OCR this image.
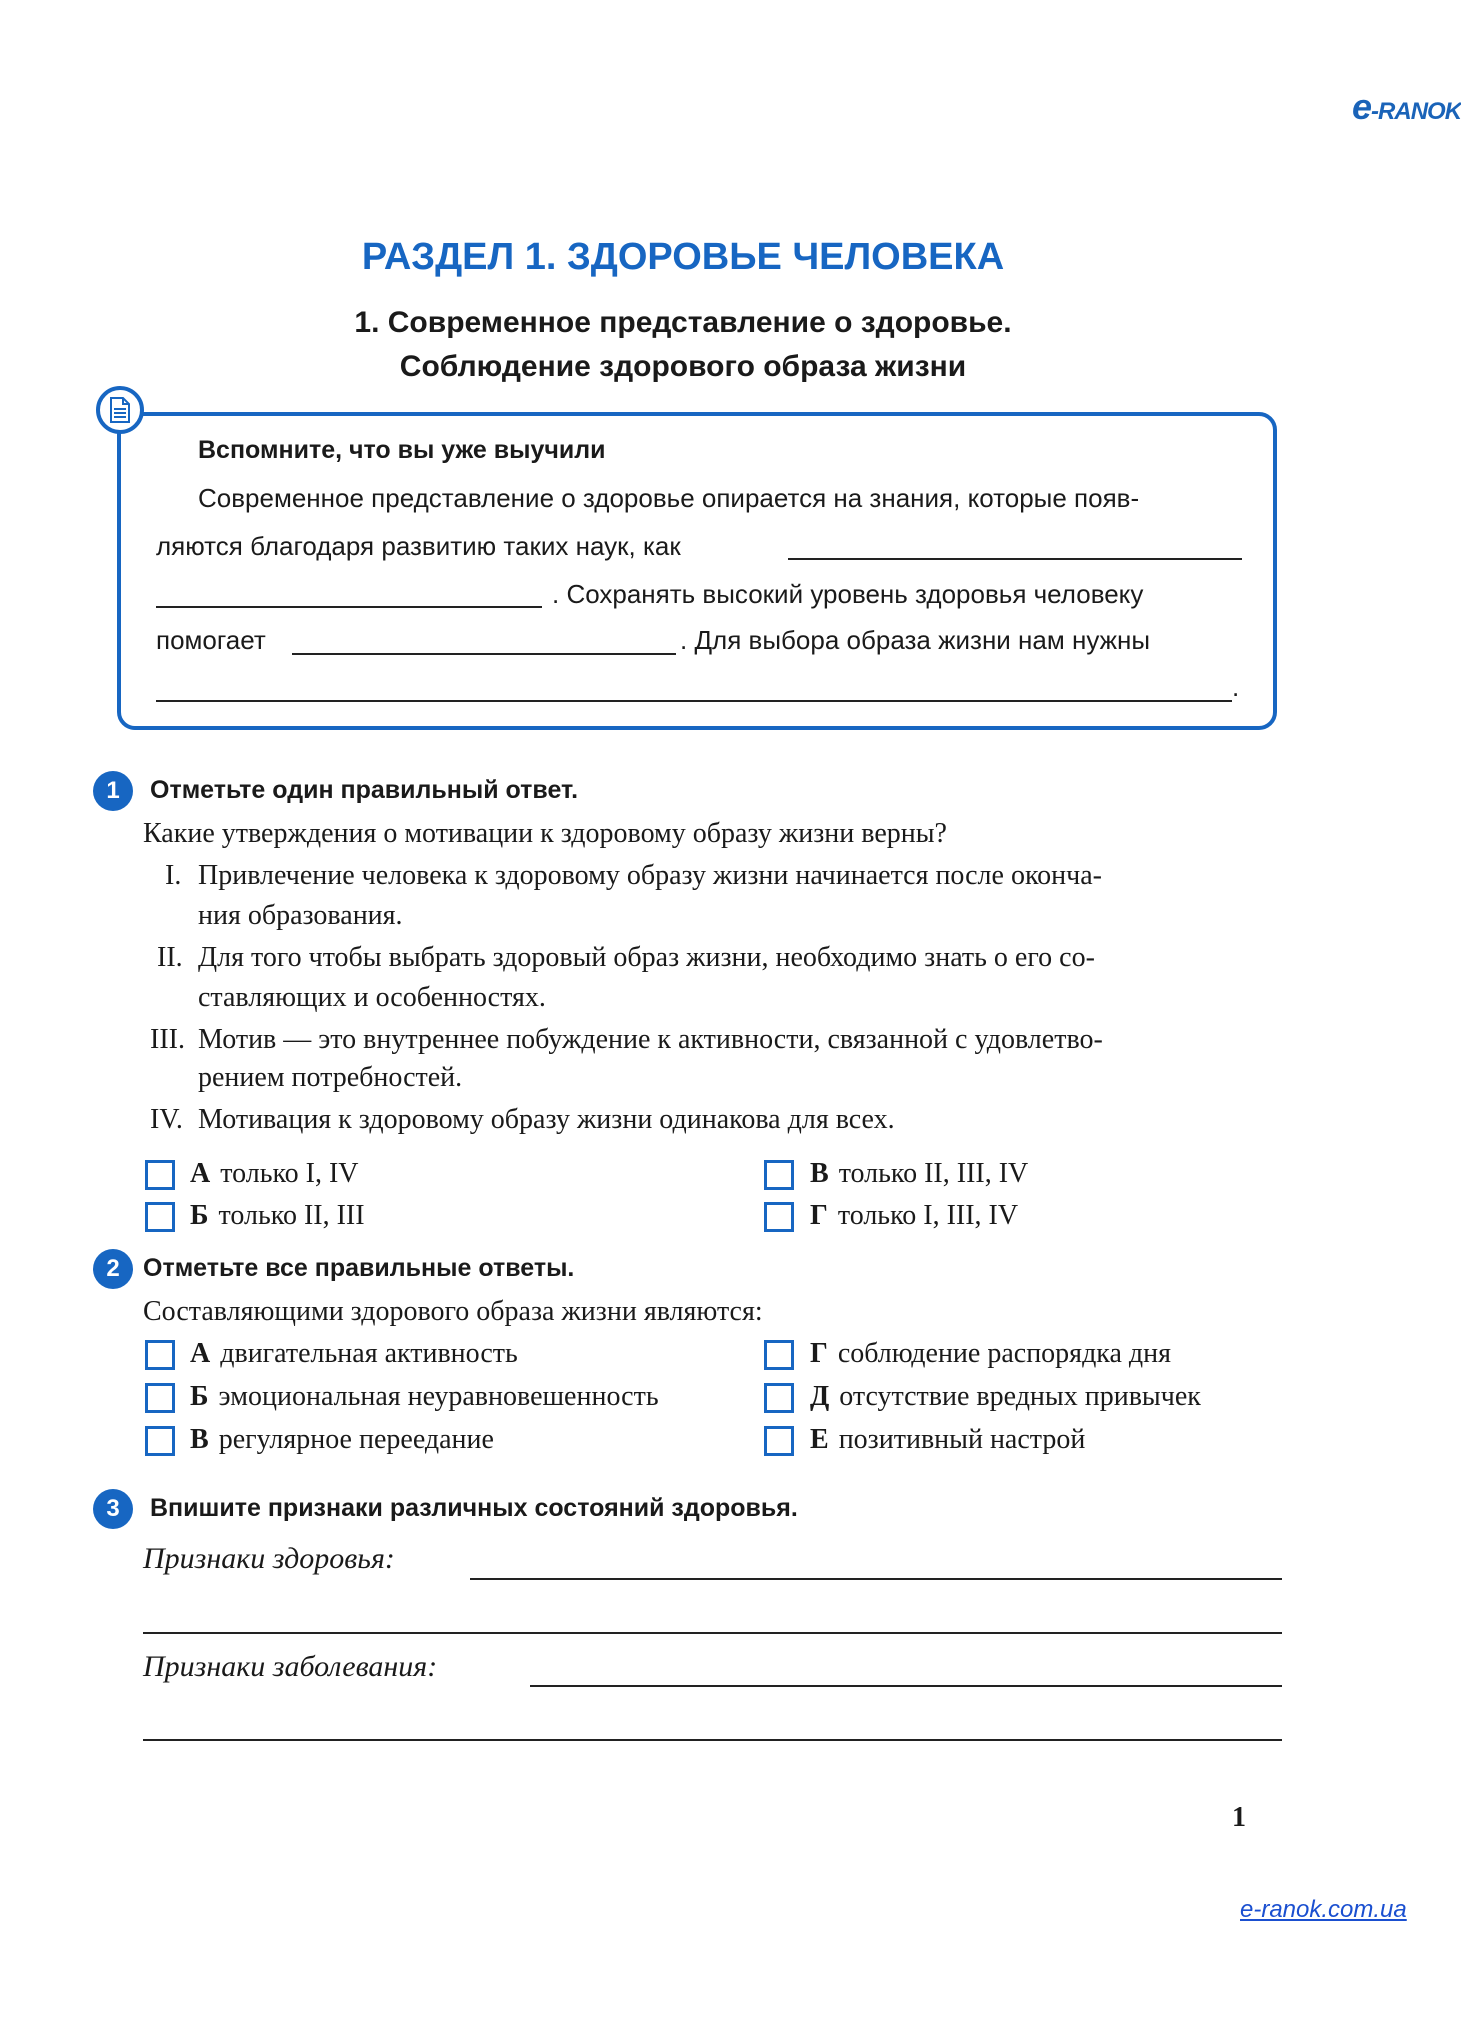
e-RANOK
РАЗДЕЛ 1. ЗДОРОВЬЕ ЧЕЛОВЕКА
1. Современное представление о здоровье.
Соблюдение здорового образа жизни
Вспомните, что вы уже выучили
Современное представление о здоровье опирается на знания, которые появ-
ляются благодаря развитию таких наук, как
. Сохранять высокий уровень здоровья человеку
помогает	. Для выбора образа жизни нам нужны
.
1	Отметьте один правильный ответ.
Какие утверждения о мотивации к здоровому образу жизни верны?
I. Привлечение человека к здоровому образу жизни начинается после оконча-
ния образования.
II. Для того чтобы выбрать здоровый образ жизни, необходимо знать о его со-
ставляющих и особенностях.
III. Мотив — это внутреннее побуждение к активности, связанной с удовлетво-
рением потребностей.
IV. Мотивация к здоровому образу жизни одинакова для всех.
А только I, IV
Б только II, III
В только II, III, IV
Г только I, III, IV
2 Отметьте все правильные ответы.
Составляющими здорового образа жизни являются:
А двигательная активность
Б эмоциональная неуравновешенность
В регулярное переедание
Г соблюдение распорядка дня
Д отсутствие вредных привычек
Е позитивный настрой
3	Впишите признаки различных состояний здоровья.
Признаки здоровья:
Признаки заболевания:
1
e-ranok.com.ua
